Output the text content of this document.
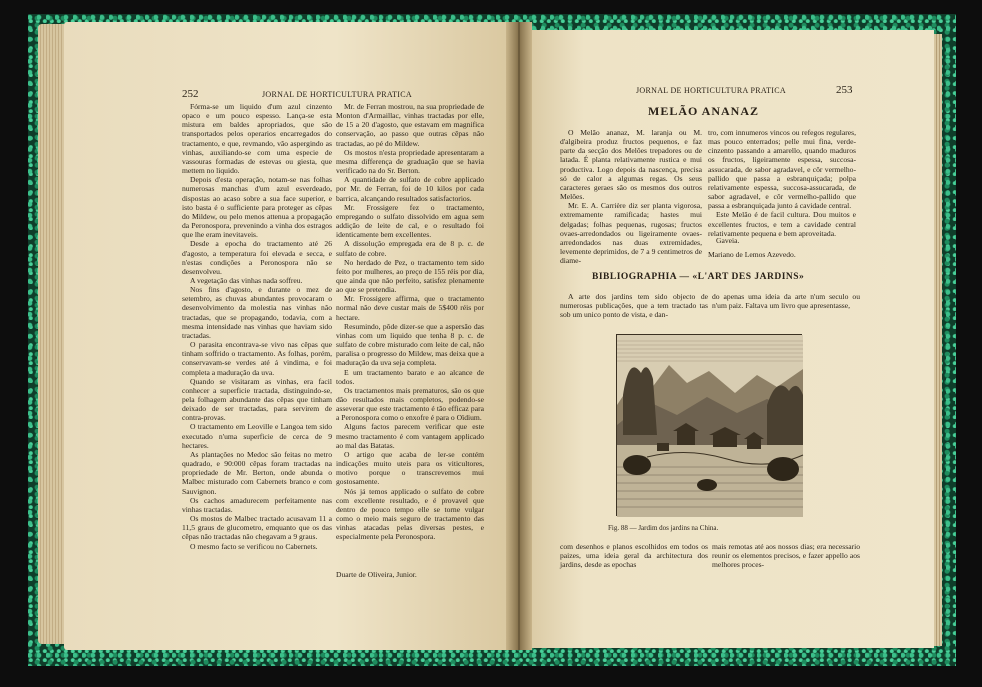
252	JORNAL DE HORTICULTURA PRATICA

Fórma-se um liquido d'um azul cinzento opaco e um pouco espesso. Lança-se esta mistura em baldes apropriados, que são transportados pelos operarios encarregados do tractamento, e que, revmando, vão aspergindo as vinhas, auxiliando-se com uma especie de vassouras formadas de estevas ou giesta, que mettem no liquido.

Depois d'esta operação, notam-se nas folhas numerosas manchas d'um azul esverdeado, dispostas ao acaso sobre a sua face superior, e isto basta é o sufficiente para proteger as cêpas do Mildew, ou pelo menos attenua a propagação da Peronospora, prevenindo a vinha dos estragos que lhe eram inevitaveis.

Desde a epocha do tractamento até 26 d'agosto, a temperatura foi elevada e secca, e n'estas condições a Peronospora não se desenvolveu.

A vegetação das vinhas nada soffreu.

Nos fins d'agosto, e durante o mez de setembro, as chuvas abundantes provocaram o desenvolvimento da molestia nas vinhas não tractadas, que se propagando, todavia, com a mesma intensidade nas vinhas que haviam sido tractadas.

O parasita encontrava-se vivo nas cêpas que tinham soffrido o tractamento. As folhas, porém, conservavam-se verdes até á vindima, e foi completa a maduração da uva.

Quando se visitaram as vinhas, era facil conhecer a superficie tractada, distinguindo-se, pela folhagem abundante das cêpas que tinham deixado de ser tractadas, para servirem de contra-provas.

O tractamento em Leoville e Langoa tem sido executado n'uma superficie de cerca de 9 hectares.

As plantações no Medoc são feitas no metro quadrado, e 90:000 cêpas foram tractadas na propriedade de Mr. Berton, onde abunda o Malbec misturado com Cabernets branco e com Sauvignon.

Os cachos amadurecem perfeitamente nas vinhas tractadas.

Os mostos de Malbec tractado acusavam 11 a 11,5 graus de glucometro, emquanto que os das cêpas não tractadas não chegavam a 9 graus.

O mesmo facto se verificou no Cabernets.

Mr. de Ferran mostrou, na sua propriedade de Monton d'Armaillac, vinhas tractadas por elle, de 15 a 20 d'agosto, que estavam em magnifica conservação, ao passo que outras cêpas não tractadas, ao pé do Mildew.

Os mostos n'esta propriedade apresentaram a mesma differença de graduação que se havia verificado na do Sr. Berton.

A quantidade de sulfato de cobre applicado por Mr. de Ferran, foi de 10 kilos por cada barrica, alcançando resultados satisfactorios.

Mr. Frossigere fez o tractamento, empregando o sulfato dissolvido em agua sem addição de leite de cal, e o resultado foi identicamente bem excellentes.

A dissolução empregada era de 8 p. c. de sulfato de cobre.

No herdado de Pez, o tractamento tem sido feito por mulheres, ao preço de 155 réis por dia, que ainda que não perfeito, satisfez plenamente ao que se pretendia.

Mr. Frossigere affirma, que o tractamento normal não deve custar mais de 5$400 réis por hectare.

Resumindo, pôde dizer-se que a aspersão das vinhas com um liquido que tenha 8 p. c. de sulfato de cobre misturado com leite de cal, não paralisa o progresso do Mildew, mas deixa que a maduração da uva seja completa.

E um tractamento barato e ao alcance de todos.

Os tractamentos mais prematuros, são os que dão resultados mais completos, podendo-se asseverar que este tractamento é tão efficaz para a Peronospora como o enxofre é para o Oïdium.

Alguns factos parecem verificar que este mesmo tractamento é com vantagem applicado ao mal das Batatas.

O artigo que acaba de ler-se contém indicações muito uteis para os viticultores, motivo porque o transcrevemos mui gostosamente.

Nós já temos applicado o sulfato de cobre com excellente resultado, e é provavel que dentro de pouco tempo elle se torne vulgar como o meio mais seguro de tractamento das vinhas atacadas pelas diversas pestes, e especialmente pela Peronospora.

Duarte de Oliveira, Junior.
JORNAL DE HORTICULTURA PRATICA	253
MELÃO ANANAZ

O Melão ananaz, M. laranja ou M. d'algibeira produz fructos pequenos, e faz parte da secção dos Melões trepadores ou de latada. É planta relativamente rustica e mui productiva. Logo depois da nascença, precisa só de calor a algumas regas. Os seus caracteres geraes são os mesmos dos outros Melões.

Mr. E. A. Carrière diz ser planta vigorosa, extremamente ramificada; hastes mui delgadas; folhas pequenas, rugosas; fructos ovaes-arredondados ou ligeiramente ovaes-arredondados nas duas extremidades, levemente deprimidos, de 7 a 9 centimetros de diame-

tro, com innumeros vincos ou refegos regulares, mas pouco enterrados; pelle mui fina, verde-cinzento passando a amarello, quando maduros os fructos, ligeiramente espessa, succosa-assucarada, de sabor agradavel, e côr vermelho-pallido que passa a esbranquiçada; polpa relativamente espessa, succosa-assucarada, de sabor agradavel, e côr vermelho-pallido que passa a esbranquiçada junto á cavidade central.

Este Melão é de facil cultura. Dou muitos e excellentes fructos, e tem a cavidade central relativamente pequena e bem aproveitada.

Gaveia.
Mariano de Lemos Azevedo.
BIBLIOGRAPHIA — «L'ART DES JARDINS»

A arte dos jardins tem sido objecto de numerosas publicações, que a tem tractado tas sob um unico ponto de vista, e dan-

do apenas uma ideia da arte n'um seculo ou n'um paiz. Faltava um livro que apresentasse,

Fig. 88 — Jardim dos jardins na China.

com desenhos e planos escolhidos em todos os paizes, uma ideia geral da architectura dos jardins, desde as epochas

mais remotas até aos nossos dias; era necessario reunir os elementos precisos, e fazer appello aos melhores proces-
